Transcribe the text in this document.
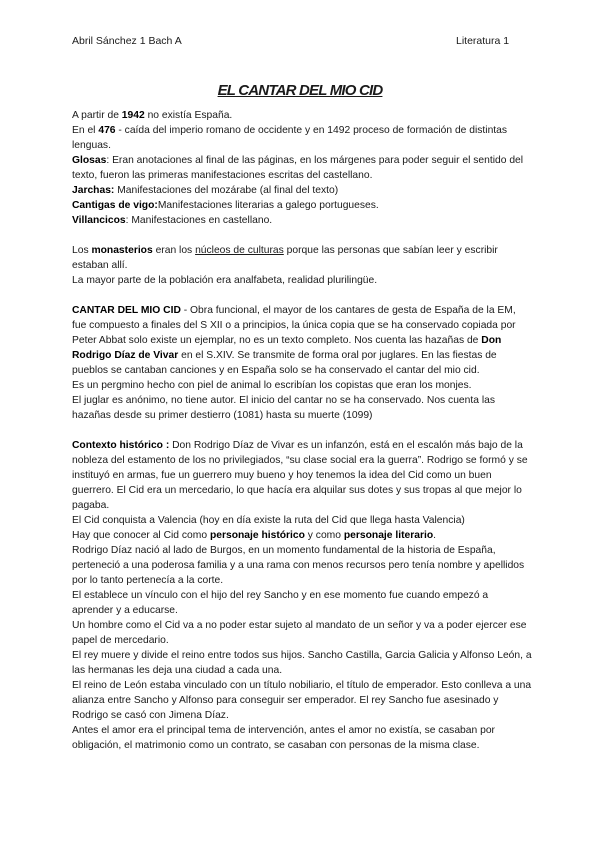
Abril Sánchez 1 Bach A	Literatura 1
EL CANTAR DEL MIO CID

A partir de 1942 no existía España.

En el 476 - caída del imperio romano de occidente y en 1492 proceso de formación de distintas lenguas.

Glosas: Eran anotaciones al final de las páginas, en los márgenes para poder seguir el sentido del texto, fueron las primeras manifestaciones escritas del castellano.

Jarchas: Manifestaciones del mozárabe (al final del texto)

Cantigas de vigo:Manifestaciones literarias a galego portugueses.

Villancicos: Manifestaciones en castellano.

Los monasterios eran los núcleos de culturas porque las personas que sabían leer y escribir estaban allí.

La mayor parte de la población era analfabeta, realidad plurilingüe.

CANTAR DEL MIO CID - Obra funcional, el mayor de los cantares de gesta de España de la EM, fue compuesto a finales del S XII o a principios, la única copia que se ha conservado copiada por Peter Abbat solo existe un ejemplar, no es un texto completo. Nos cuenta las hazañas de Don Rodrigo Díaz de Vivar en el S.XIV. Se transmite de forma oral por juglares. En las fiestas de pueblos se cantaban canciones y en España solo se ha conservado el cantar del mio cid.

Es un pergmino hecho con piel de animal lo escribían los copistas que eran los monjes.

El juglar es anónimo, no tiene autor. El inicio del cantar no se ha conservado. Nos cuenta las hazañas desde su primer destierro (1081) hasta su muerte (1099)

Contexto histórico : Don Rodrigo Díaz de Vivar es un infanzón, está en el escalón más bajo de la nobleza del estamento de los no privilegiados, “su clase social era la guerra”. Rodrigo se formó y se instituyó en armas, fue un guerrero muy bueno y hoy tenemos la idea del Cid como un buen guerrero. El Cid era un mercedario, lo que hacía era alquilar sus dotes y sus tropas al que mejor lo pagaba.

El Cid conquista a Valencia (hoy en día existe la ruta del Cid que llega hasta Valencia)

Hay que conocer al Cid como personaje histórico y como personaje literario.

Rodrigo Díaz nació al lado de Burgos, en un momento fundamental de la historia de España, perteneció a una poderosa familia y a una rama con menos recursos pero tenía nombre y apellidos por lo tanto pertenecía a la corte.

El establece un vínculo con el hijo del rey Sancho y en ese momento fue cuando empezó a aprender y a educarse.

Un hombre como el Cid va a no poder estar sujeto al mandato de un señor y va a poder ejercer ese papel de mercedario.

El rey muere y divide el reino entre todos sus hijos. Sancho Castilla, Garcia Galicia y Alfonso León, a las hermanas les deja una ciudad a cada una.

El reino de León estaba vinculado con un título nobiliario, el título de emperador. Esto conlleva a una alianza entre Sancho y Alfonso para conseguir ser emperador. El rey Sancho fue asesinado y Rodrigo se casó con Jimena Díaz.

Antes el amor era el principal tema de intervención, antes el amor no existía, se casaban por obligación, el matrimonio como un contrato, se casaban con personas de la misma clase.
